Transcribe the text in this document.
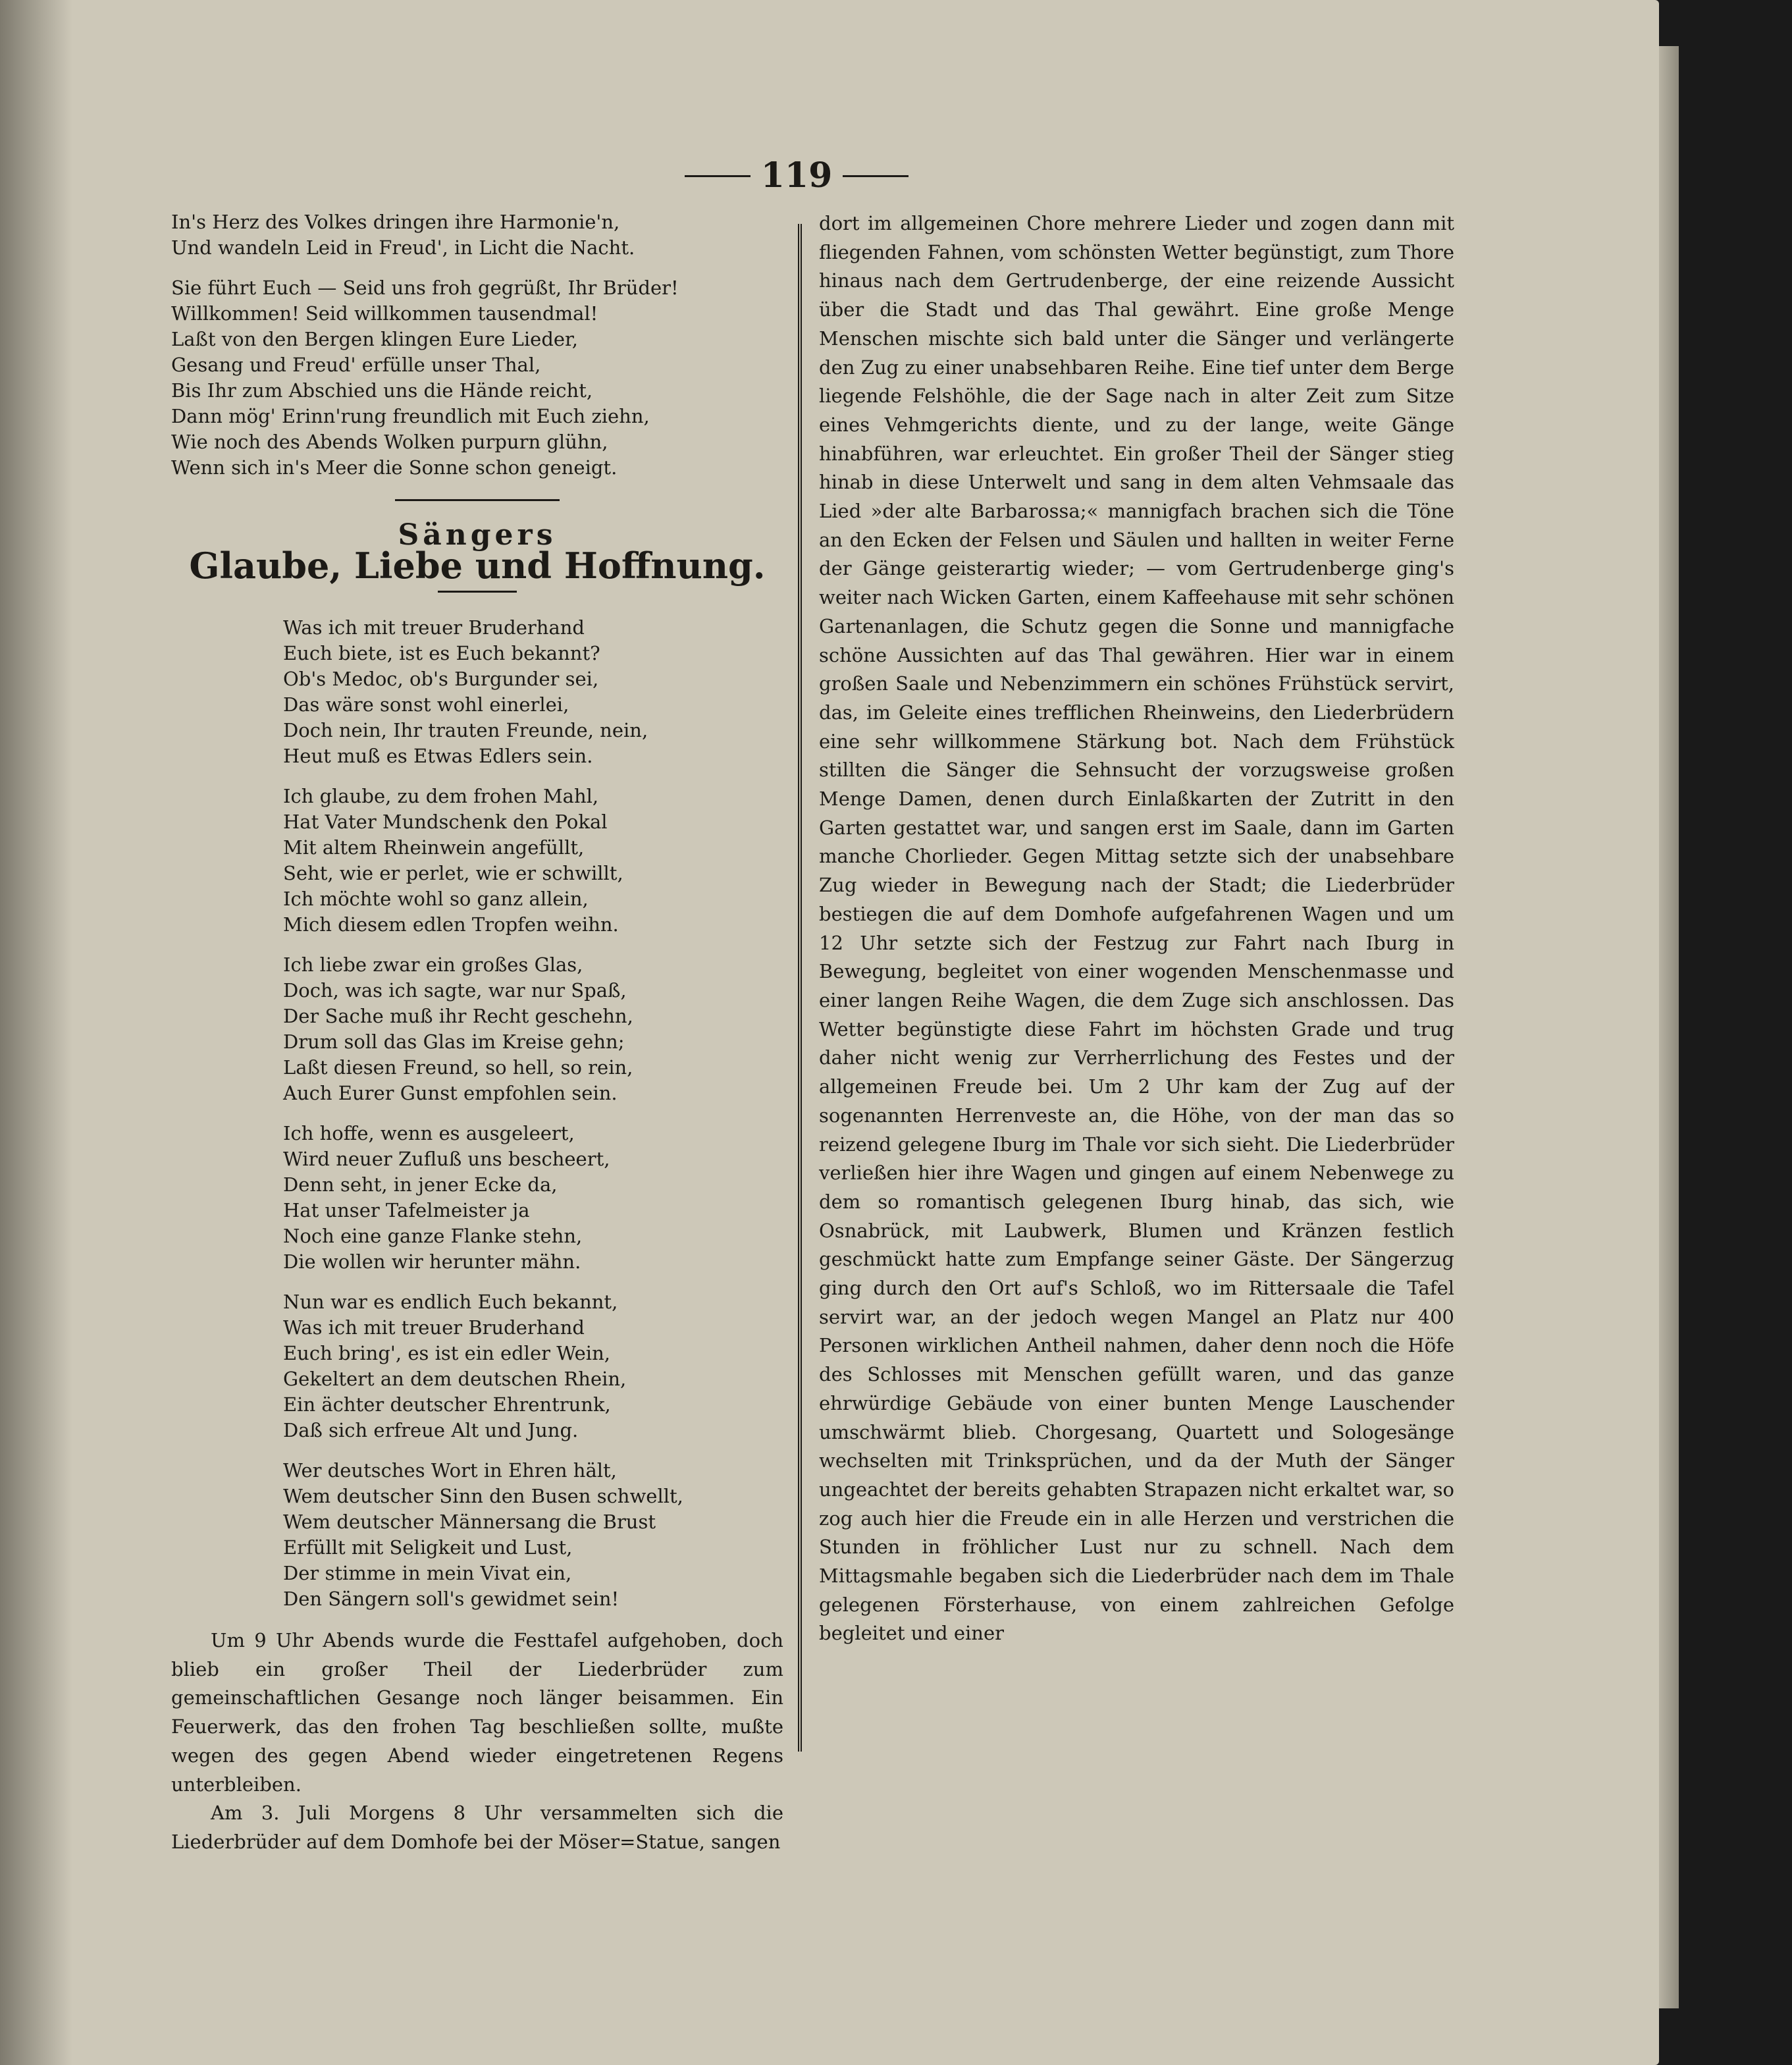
119
In's Herz des Volkes dringen ihre Harmonie'n,
Und wandeln Leid in Freud', in Licht die Nacht.
Sie führt Euch — Seid uns froh gegrüßt, Ihr Brüder!
Willkommen! Seid willkommen tausendmal!
Laßt von den Bergen klingen Eure Lieder,
Gesang und Freud' erfülle unser Thal,
Bis Ihr zum Abschied uns die Hände reicht,
Dann mög' Erinn'rung freundlich mit Euch ziehn,
Wie noch des Abends Wolken purpurn glühn,
Wenn sich in's Meer die Sonne schon geneigt.
Sängers
Glaube, Liebe und Hoffnung.
Was ich mit treuer Bruderhand
Euch biete, ist es Euch bekannt?
Ob's Medoc, ob's Burgunder sei,
Das wäre sonst wohl einerlei,
Doch nein, Ihr trauten Freunde, nein,
Heut muß es Etwas Edlers sein.
Ich glaube, zu dem frohen Mahl,
Hat Vater Mundschenk den Pokal
Mit altem Rheinwein angefüllt,
Seht, wie er perlet, wie er schwillt,
Ich möchte wohl so ganz allein,
Mich diesem edlen Tropfen weihn.
Ich liebe zwar ein großes Glas,
Doch, was ich sagte, war nur Spaß,
Der Sache muß ihr Recht geschehn,
Drum soll das Glas im Kreise gehn;
Laßt diesen Freund, so hell, so rein,
Auch Eurer Gunst empfohlen sein.
Ich hoffe, wenn es ausgeleert,
Wird neuer Zufluß uns bescheert,
Denn seht, in jener Ecke da,
Hat unser Tafelmeister ja
Noch eine ganze Flanke stehn,
Die wollen wir herunter mähn.
Nun war es endlich Euch bekannt,
Was ich mit treuer Bruderhand
Euch bring', es ist ein edler Wein,
Gekeltert an dem deutschen Rhein,
Ein ächter deutscher Ehrentrunk,
Daß sich erfreue Alt und Jung.
Wer deutsches Wort in Ehren hält,
Wem deutscher Sinn den Busen schwellt,
Wem deutscher Männersang die Brust
Erfüllt mit Seligkeit und Lust,
Der stimme in mein Vivat ein,
Den Sängern soll's gewidmet sein!

Um 9 Uhr Abends wurde die Festtafel aufgehoben, doch blieb ein großer Theil der Liederbrüder zum gemeinschaftlichen Gesange noch länger beisammen. Ein Feuerwerk, das den frohen Tag beschließen sollte, mußte wegen des gegen Abend wieder eingetretenen Regens unterbleiben.

Am 3. Juli Morgens 8 Uhr versammelten sich die Liederbrüder auf dem Domhofe bei der Möser=Statue, sangen

dort im allgemeinen Chore mehrere Lieder und zogen dann mit fliegenden Fahnen, vom schönsten Wetter begünstigt, zum Thore hinaus nach dem Gertrudenberge, der eine reizende Aussicht über die Stadt und das Thal gewährt. Eine große Menge Menschen mischte sich bald unter die Sänger und verlängerte den Zug zu einer unabsehbaren Reihe. Eine tief unter dem Berge liegende Felshöhle, die der Sage nach in alter Zeit zum Sitze eines Vehmgerichts diente, und zu der lange, weite Gänge hinabführen, war erleuchtet. Ein großer Theil der Sänger stieg hinab in diese Unterwelt und sang in dem alten Vehmsaale das Lied »der alte Barbarossa;« mannigfach brachen sich die Töne an den Ecken der Felsen und Säulen und hallten in weiter Ferne der Gänge geisterartig wieder; — vom Gertrudenberge ging's weiter nach Wicken Garten, einem Kaffeehause mit sehr schönen Gartenanlagen, die Schutz gegen die Sonne und mannigfache schöne Aussichten auf das Thal gewähren. Hier war in einem großen Saale und Nebenzimmern ein schönes Frühstück servirt, das, im Geleite eines trefflichen Rheinweins, den Liederbrüdern eine sehr willkommene Stärkung bot. Nach dem Frühstück stillten die Sänger die Sehnsucht der vorzugsweise großen Menge Damen, denen durch Einlaßkarten der Zutritt in den Garten gestattet war, und sangen erst im Saale, dann im Garten manche Chorlieder. Gegen Mittag setzte sich der unabsehbare Zug wieder in Bewegung nach der Stadt; die Liederbrüder bestiegen die auf dem Domhofe aufgefahrenen Wagen und um 12 Uhr setzte sich der Festzug zur Fahrt nach Iburg in Bewegung, begleitet von einer wogenden Menschenmasse und einer langen Reihe Wagen, die dem Zuge sich anschlossen. Das Wetter begünstigte diese Fahrt im höchsten Grade und trug daher nicht wenig zur Verrherrlichung des Festes und der allgemeinen Freude bei. Um 2 Uhr kam der Zug auf der sogenannten Herrenveste an, die Höhe, von der man das so reizend gelegene Iburg im Thale vor sich sieht. Die Liederbrüder verließen hier ihre Wagen und gingen auf einem Nebenwege zu dem so romantisch gelegenen Iburg hinab, das sich, wie Osnabrück, mit Laubwerk, Blumen und Kränzen festlich geschmückt hatte zum Empfange seiner Gäste. Der Sängerzug ging durch den Ort auf's Schloß, wo im Rittersaale die Tafel servirt war, an der jedoch wegen Mangel an Platz nur 400 Personen wirklichen Antheil nahmen, daher denn noch die Höfe des Schlosses mit Menschen gefüllt waren, und das ganze ehrwürdige Gebäude von einer bunten Menge Lauschender umschwärmt blieb. Chorgesang, Quartett und Sologesänge wechselten mit Trinksprüchen, und da der Muth der Sänger ungeachtet der bereits gehabten Strapazen nicht erkaltet war, so zog auch hier die Freude ein in alle Herzen und verstrichen die Stunden in fröhlicher Lust nur zu schnell. Nach dem Mittagsmahle begaben sich die Liederbrüder nach dem im Thale gelegenen Försterhause, von einem zahlreichen Gefolge begleitet und einer
